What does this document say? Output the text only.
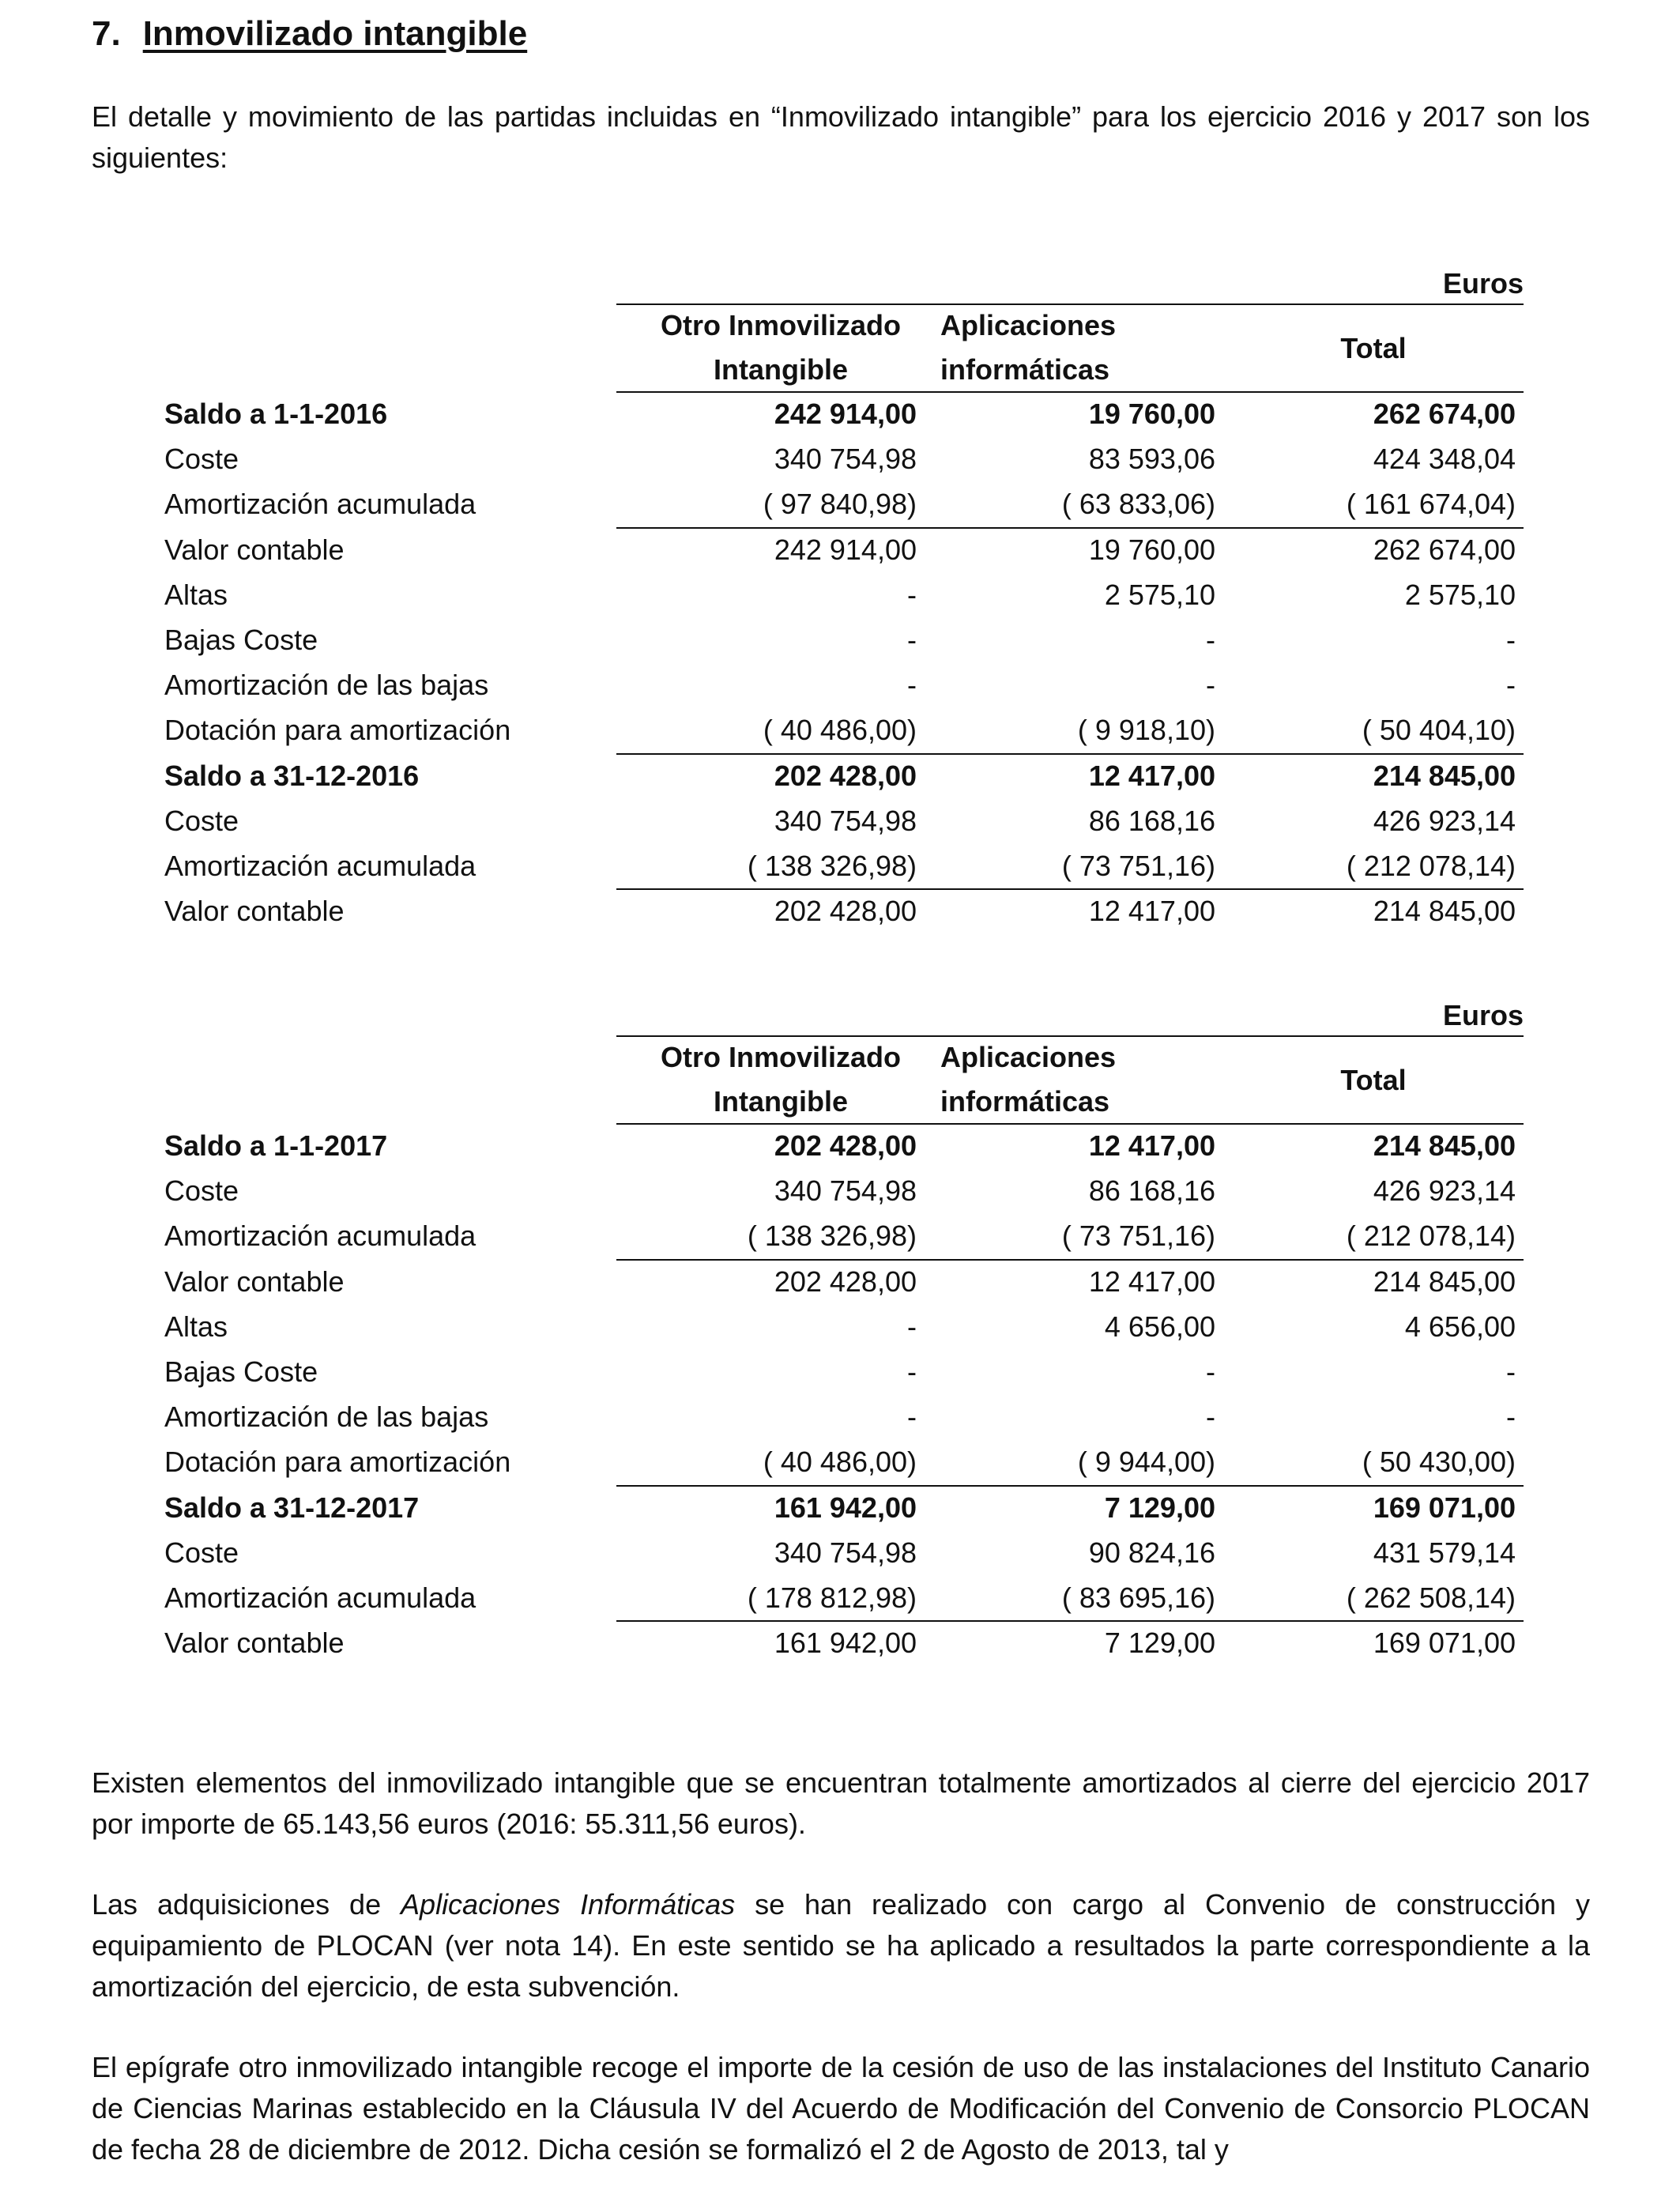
7. Inmovilizado intangible
El detalle y movimiento de las partidas incluidas en “Inmovilizado intangible” para los ejercicio 2016 y 2017 son los siguientes:
Euros
Otro Inmovilizado
Intangible
Aplicaciones
informáticas
Total
Saldo a 1-1-2016	242 914,00	19 760,00	262 674,00
Coste	340 754,98	83 593,06	424 348,04
Amortización acumulada	( 97 840,98)	( 63 833,06)	( 161 674,04)
Valor contable	242 914,00	19 760,00	262 674,00
Altas	-	2 575,10	2 575,10
Bajas Coste	-	-	-
Amortización de las bajas	-	-	-
Dotación para amortización	( 40 486,00)	( 9 918,10)	( 50 404,10)
Saldo a 31-12-2016	202 428,00	12 417,00	214 845,00
Coste	340 754,98	86 168,16	426 923,14
Amortización acumulada	( 138 326,98)	( 73 751,16)	( 212 078,14)
Valor contable	202 428,00	12 417,00	214 845,00
Euros
Otro Inmovilizado
Intangible
Aplicaciones
informáticas
Total
Saldo a 1-1-2017	202 428,00	12 417,00	214 845,00
Coste	340 754,98	86 168,16	426 923,14
Amortización acumulada	( 138 326,98)	( 73 751,16)	( 212 078,14)
Valor contable	202 428,00	12 417,00	214 845,00
Altas	-	4 656,00	4 656,00
Bajas Coste	-	-	-
Amortización de las bajas	-	-	-
Dotación para amortización	( 40 486,00)	( 9 944,00)	( 50 430,00)
Saldo a 31-12-2017	161 942,00	7 129,00	169 071,00
Coste	340 754,98	90 824,16	431 579,14
Amortización acumulada	( 178 812,98)	( 83 695,16)	( 262 508,14)
Valor contable	161 942,00	7 129,00	169 071,00
Existen elementos del inmovilizado intangible que se encuentran totalmente amortizados al cierre del ejercicio 2017 por importe de 65.143,56 euros (2016: 55.311,56 euros).
Las adquisiciones de Aplicaciones Informáticas se han realizado con cargo al Convenio de construcción y equipamiento de PLOCAN (ver nota 14). En este sentido se ha aplicado a resultados la parte correspondiente a la amortización del ejercicio, de esta subvención.
El epígrafe otro inmovilizado intangible recoge el importe de la cesión de uso de las instalaciones del Instituto Canario de Ciencias Marinas establecido en la Cláusula IV del Acuerdo de Modificación del Convenio de Consorcio PLOCAN de fecha 28 de diciembre de 2012. Dicha cesión se formalizó el 2 de Agosto de 2013, tal y
